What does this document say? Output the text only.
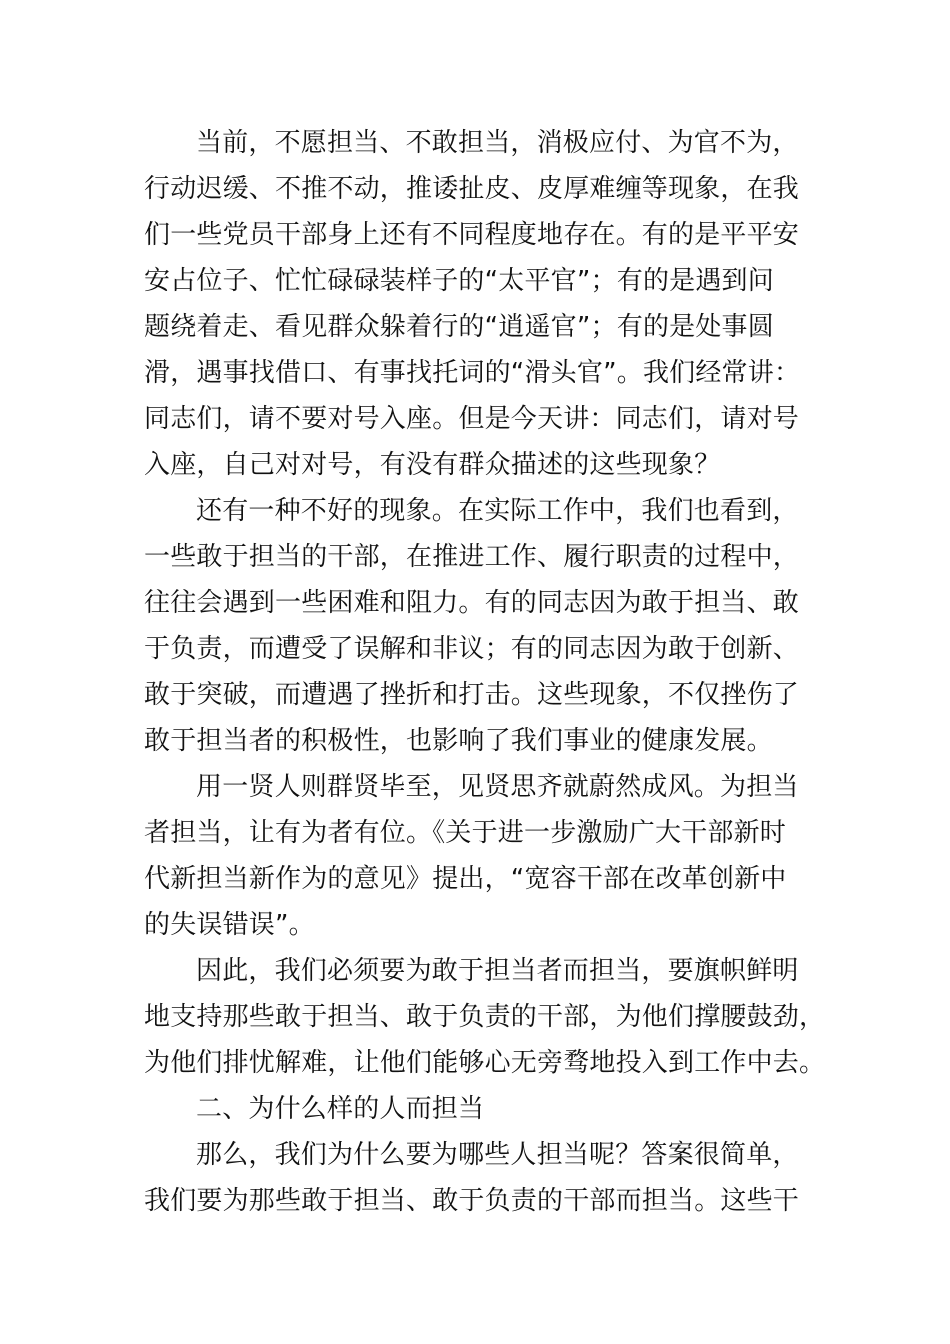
当前，不愿担当、不敢担当，消极应付、为官不为，
行动迟缓、不推不动，推诿扯皮、皮厚难缠等现象，在我
们一些党员干部身上还有不同程度地存在。有的是平平安
安占位子、忙忙碌碌装样子的“太平官”；有的是遇到问
题绕着走、看见群众躲着行的“逍遥官”；有的是处事圆
滑，遇事找借口、有事找托词的“滑头官”。我们经常讲：
同志们，请不要对号入座。但是今天讲：同志们，请对号
入座，自己对对号，有没有群众描述的这些现象？
还有一种不好的现象。在实际工作中，我们也看到，
一些敢于担当的干部，在推进工作、履行职责的过程中，
往往会遇到一些困难和阻力。有的同志因为敢于担当、敢
于负责，而遭受了误解和非议；有的同志因为敢于创新、
敢于突破，而遭遇了挫折和打击。这些现象，不仅挫伤了
敢于担当者的积极性，也影响了我们事业的健康发展。
用一贤人则群贤毕至，见贤思齐就蔚然成风。为担当
者担当，让有为者有位。《关于进一步激励广大干部新时
代新担当新作为的意见》提出，“宽容干部在改革创新中
的失误错误”。
因此，我们必须要为敢于担当者而担当，要旗帜鲜明
地支持那些敢于担当、敢于负责的干部，为他们撑腰鼓劲，
为他们排忧解难，让他们能够心无旁骛地投入到工作中去。
二、为什么样的人而担当
那么，我们为什么要为哪些人担当呢？答案很简单，
我们要为那些敢于担当、敢于负责的干部而担当。这些干
